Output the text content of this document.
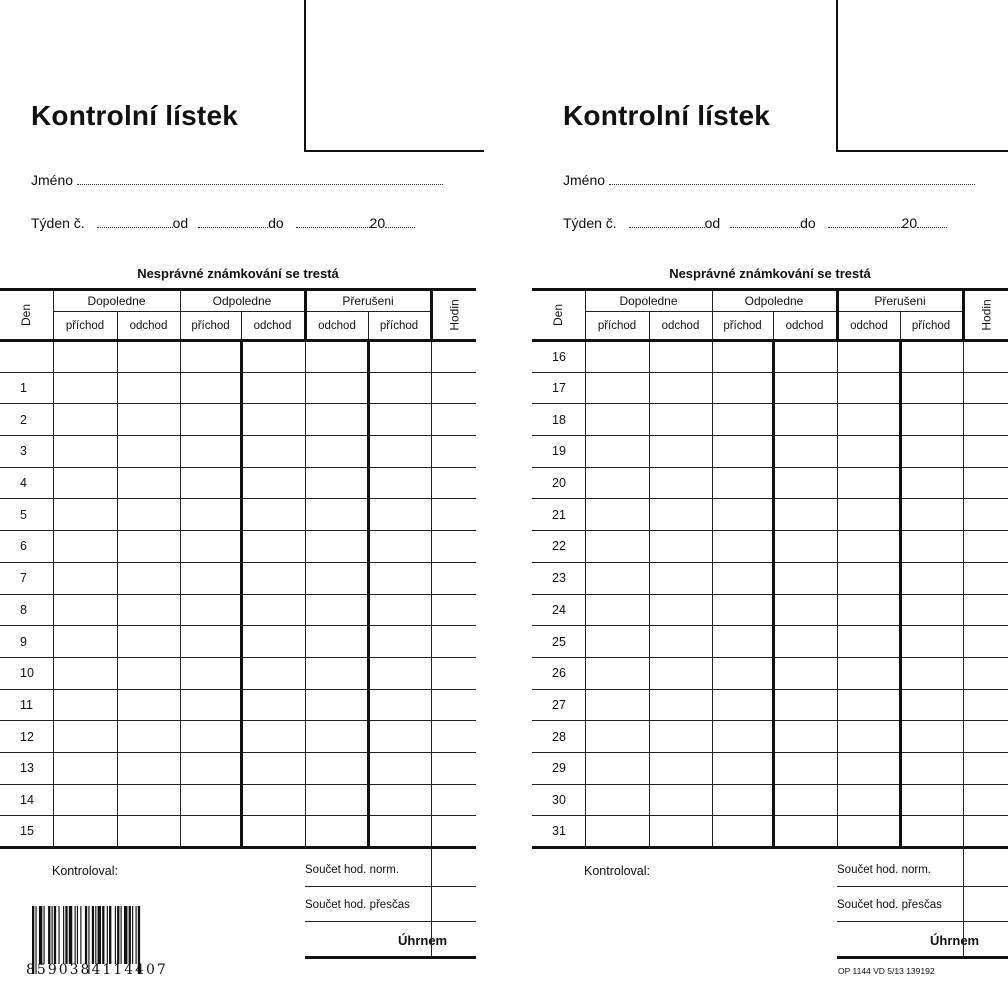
Kontrolní lístek
Jméno
Týden č.	od	do	20
Nesprávné známkování se trestá
Den	Dopoledne		Odpoledne		Přerušeni		Hodin
	příchod	odchod	příchod	odchod	odchod	příchod	

1							
2							
3							
4							
5							
6							
7							
8							
9							
10							
11							
12							
13							
14							
15							
Kontroloval:	Součet hod. norm.
Součet hod. přesčas
Úhrnem
8590384114407
Kontrolní lístek
Jméno
Týden č.	od	do	20
Nesprávné známkování se trestá
Den	Dopoledne		Odpoledne		Přerušeni		Hodin
	příchod	odchod	příchod	odchod	odchod	příchod	
16							
17							
18							
19							
20							
21							
22							
23							
24							
25							
26							
27							
28							
29							
30							
31							
Kontroloval:	Součet hod. norm.
Součet hod. přesčas
Úhrnem
OP 1144 VD 5/13 139192
